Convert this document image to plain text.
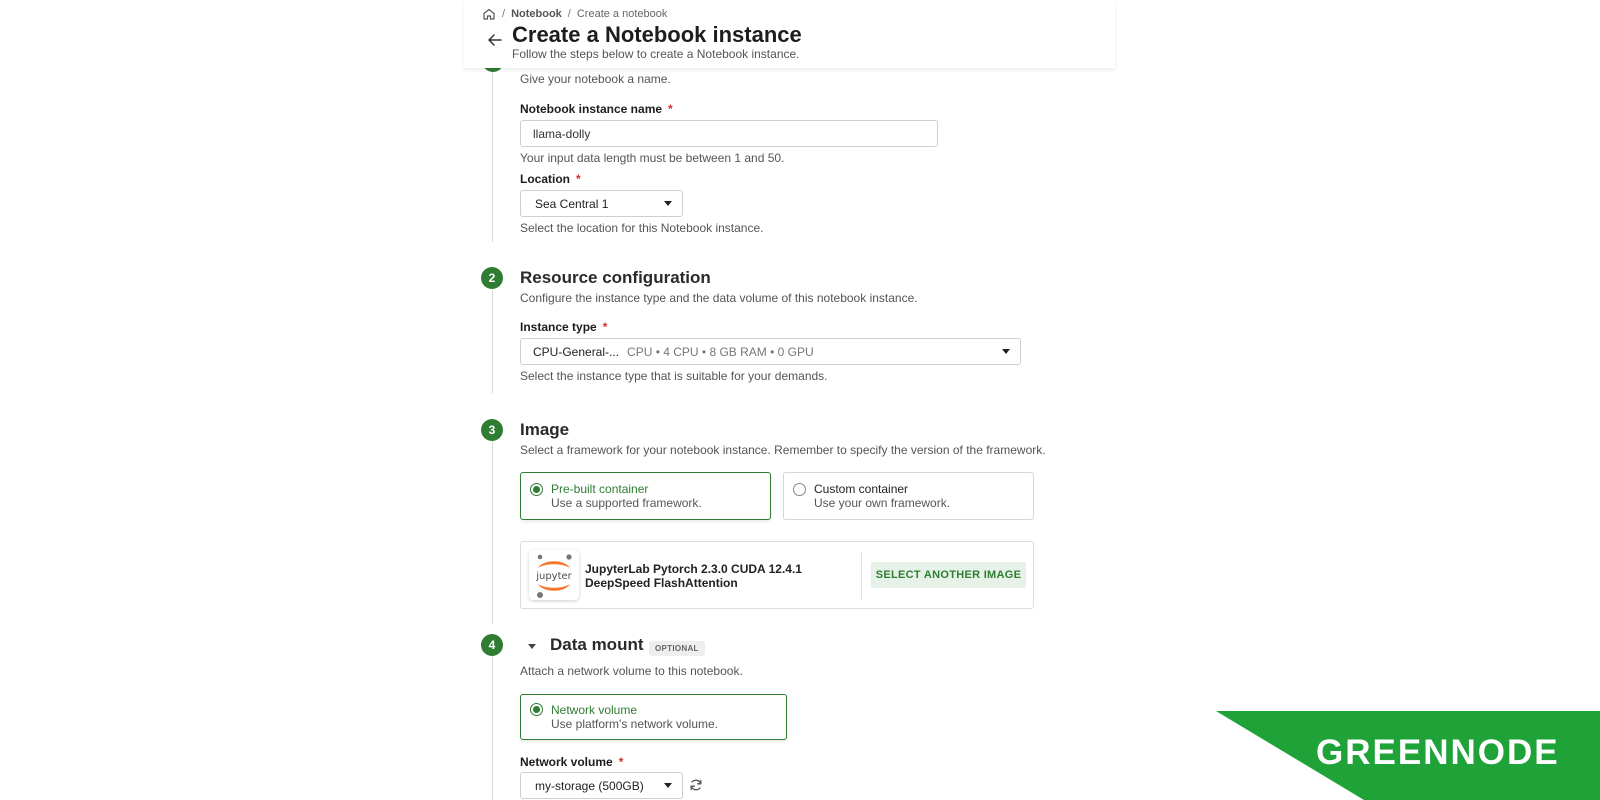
/ Notebook / Create a notebook
Create a Notebook instance
Follow the steps below to create a Notebook instance.
Give your notebook a name.
Notebook instance name *
llama-dolly
Your input data length must be between 1 and 50.
Location *
Sea Central 1
Select the location for this Notebook instance.
2	Resource configuration
Configure the instance type and the data volume of this notebook instance.
Instance type *
CPU-General-... CPU • 4 CPU • 8 GB RAM • 0 GPU
Select the instance type that is suitable for your demands.
3	Image
Select a framework for your notebook instance. Remember to specify the version of the framework.
Pre-built container
Use a supported framework.
Custom container
Use your own framework.
jupyter
JupyterLab Pytorch 2.3.0 CUDA 12.4.1
DeepSpeed FlashAttention
SELECT ANOTHER IMAGE
4	Data mount	OPTIONAL
Attach a network volume to this notebook.
Network volume
Use platform's network volume.
Network volume *
my-storage (500GB)
GREENNODE
